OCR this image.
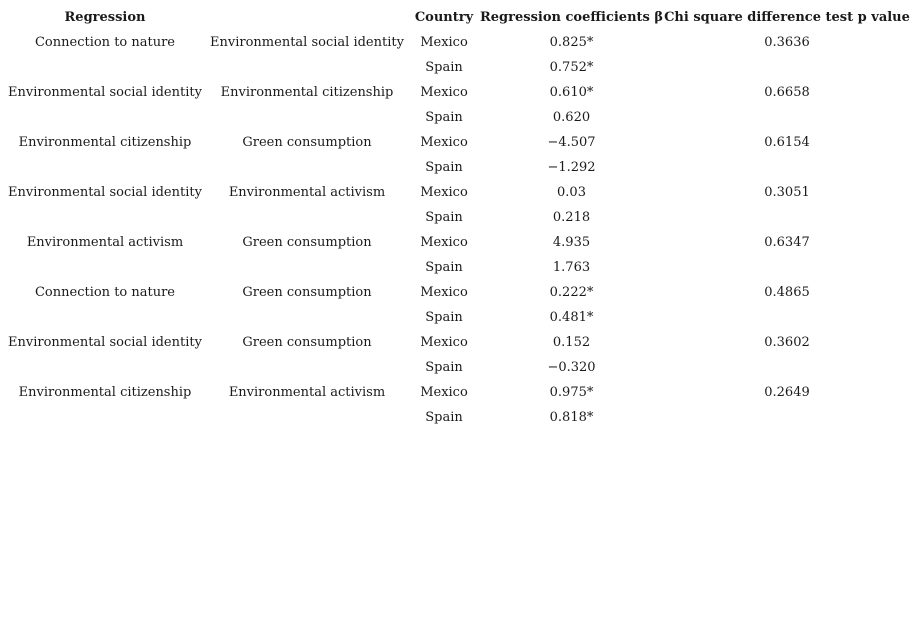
Regression		Country	Regression coefficients β	Chi square difference test p value
Connection to nature	Environmental social identity	Mexico	0.825*	0.3636
		Spain	0.752*	
Environmental social identity	Environmental citizenship	Mexico	0.610*	0.6658
		Spain	0.620	
Environmental citizenship	Green consumption	Mexico	−4.507	0.6154
		Spain	−1.292	
Environmental social identity	Environmental activism	Mexico	0.03	0.3051
		Spain	0.218	
Environmental activism	Green consumption	Mexico	4.935	0.6347
		Spain	1.763	
Connection to nature	Green consumption	Mexico	0.222*	0.4865
		Spain	0.481*	
Environmental social identity	Green consumption	Mexico	0.152	0.3602
		Spain	−0.320	
Environmental citizenship	Environmental activism	Mexico	0.975*	0.2649
		Spain	0.818*	
